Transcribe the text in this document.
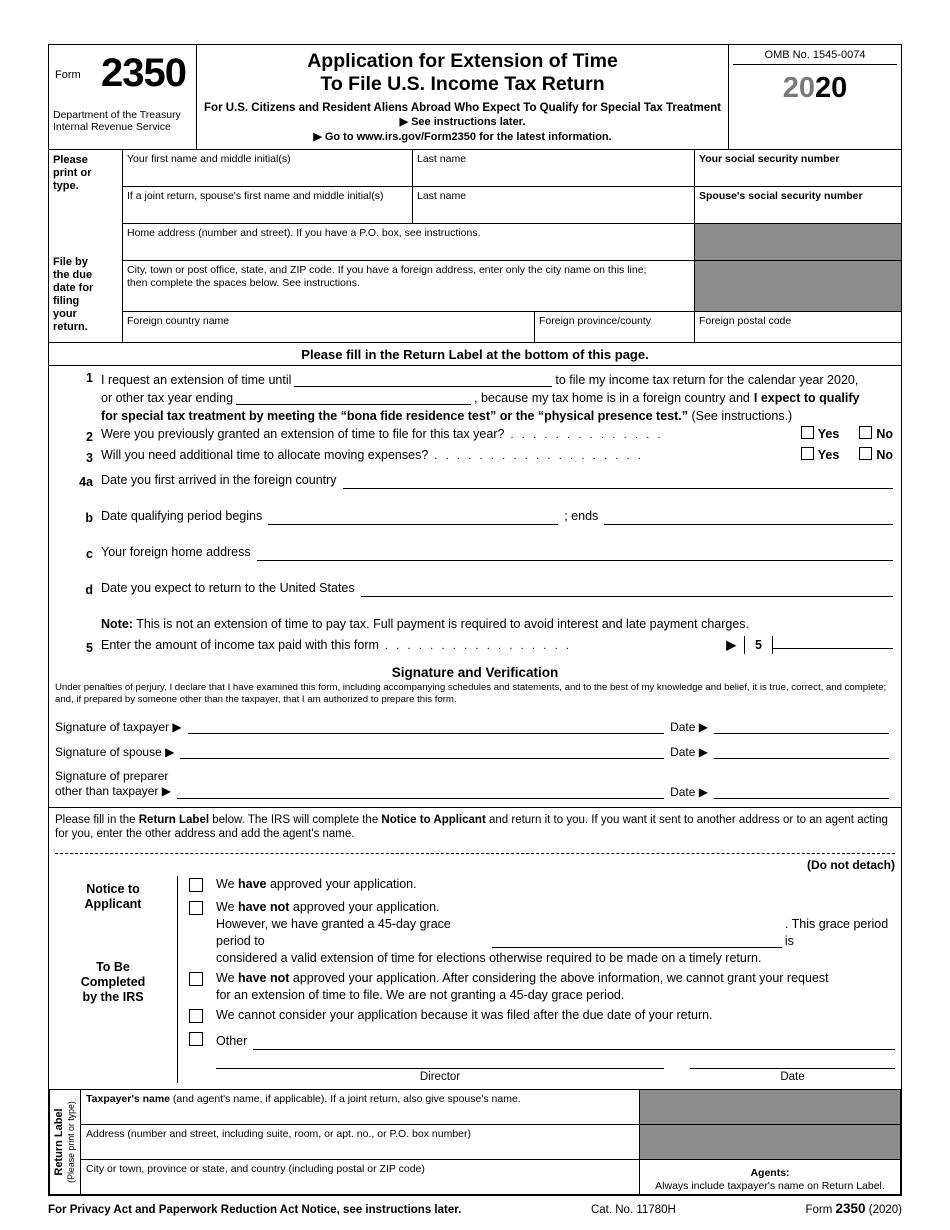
Form 2350
Department of the Treasury
Internal Revenue Service
Application for Extension of Time
To File U.S. Income Tax Return
For U.S. Citizens and Resident Aliens Abroad Who Expect To Qualify for Special Tax Treatment
▶ See instructions later.
▶ Go to www.irs.gov/Form2350 for the latest information.
OMB No. 1545-0074
2020
Please
print or
type.
File by
the due
date for
filing
your
return.
Your first name and middle initial(s)	Last name	Your social security number
If a joint return, spouse's first name and middle initial(s)	Last name	Spouse's social security number
Home address (number and street). If you have a P.O. box, see instructions.
City, town or post office, state, and ZIP code. If you have a foreign address, enter only the city name on this line;
then complete the spaces below. See instructions.
Foreign country name	Foreign province/county	Foreign postal code
Please fill in the Return Label at the bottom of this page.
1 I request an extension of time until	to file my income tax return for the calendar year 2020,
or other tax year ending	, because my tax home is in a foreign country and I expect to qualify
for special tax treatment by meeting the “bona fide residence test” or the “physical presence test.” (See instructions.)
2 Were you previously granted an extension of time to file for this tax year? . . . . . . . . . . . . . .	Yes	No
3 Will you need additional time to allocate moving expenses? . . . . . . . . . . . . . . . . . . .	Yes	No
4a Date you first arrived in the foreign country
b Date qualifying period begins	; ends
c Your foreign home address
d Date you expect to return to the United States
Note: This is not an extension of time to pay tax. Full payment is required to avoid interest and late payment charges.
5 Enter the amount of income tax paid with this form . . . . . . . . . . . . . . . . .	▶	5
Signature and Verification
Under penalties of perjury, I declare that I have examined this form, including accompanying schedules and statements, and to the best of my knowledge and belief, it is true, correct, and complete; and, if prepared by someone other than the taxpayer, that I am authorized to prepare this form.
Signature of taxpayer ▶	Date ▶
Signature of spouse ▶	Date ▶
Signature of preparer
other than taxpayer ▶	Date ▶
Please fill in the Return Label below. The IRS will complete the Notice to Applicant and return it to you. If you want it sent to another address or to an agent acting for you, enter the other address and add the agent's name.
(Do not detach)
Notice to
Applicant
To Be
Completed
by the IRS
We have approved your application.
We have not approved your application.
However, we have granted a 45-day grace period to
. This grace period is
considered a valid extension of time for elections otherwise required to be made on a timely return.
We have not approved your application. After considering the above information, we cannot grant your request
for an extension of time to file. We are not granting a 45-day grace period.
We cannot consider your application because it was filed after the due date of your return.
Other
Director	Date
Return Label
(Please print or type)
Taxpayer's name (and agent's name, if applicable). If a joint return, also give spouse's name.
Address (number and street, including suite, room, or apt. no., or P.O. box number)
City or town, province or state, and country (including postal or ZIP code)	Agents:
Always include taxpayer's name on Return Label.
For Privacy Act and Paperwork Reduction Act Notice, see instructions later.	Cat. No. 11780H	Form 2350 (2020)
